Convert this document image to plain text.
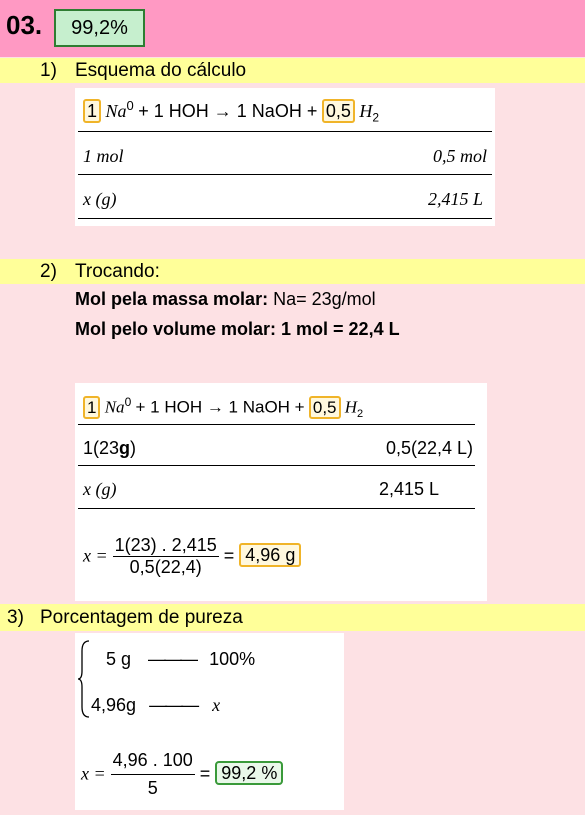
03.	99,2%
1) Esquema do cálculo
1 $Na^0 + 1$ HOH → 1 NaOH + 0,5 $H_2$
1 mol	0,5 mol
x (g)	2,415 L
2) Trocando:
Mol pela massa molar: Na= 23g/mol
Mol pelo volume molar: 1 mol = 22,4 L
1 $Na^0 + 1$ HOH → 1 NaOH + 0,5 $H_2$
1(23g)	0,5(22,4 L)
x (g)	2,415 L
$x = \frac{1(23) . 2,415}{0,5(22,4)} = 4,96$ g
3) Porcentagem de pureza
5 g ——— 100%
4,96g ——— x
$x = \frac{4,96 . 100}{5} = 99,2$ %
